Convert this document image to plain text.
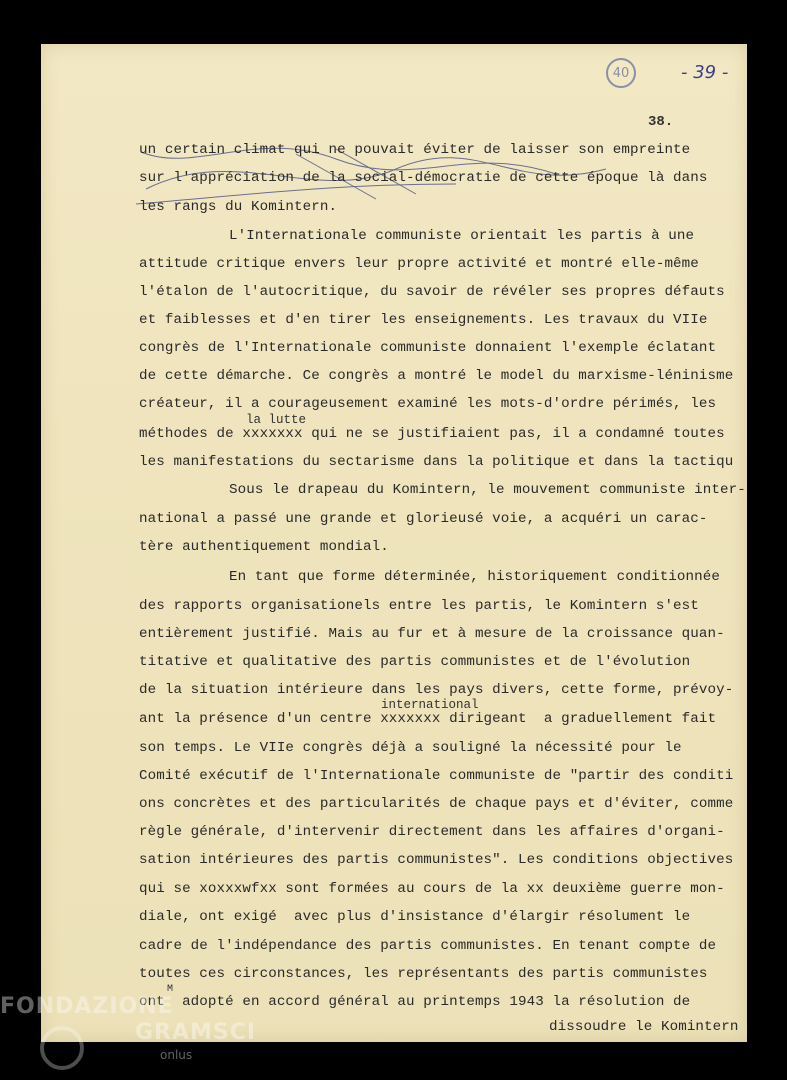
40	- 39 -
38.
un certain climat qui ne pouvait éviter de laisser son empreinte
sur l'appréciation de la social-démocratie de cette époque là dans
les rangs du Komintern.
L'Internationale communiste orientait les partis à une
attitude critique envers leur propre activité et montré elle-même
l'étalon de l'autocritique, du savoir de révéler ses propres défauts
et faiblesses et d'en tirer les enseignements. Les travaux du VIIe
congrès de l'Internationale communiste donnaient l'exemple éclatant
de cette démarche. Ce congrès a montré le model du marxisme-léninisme
créateur, il a courageusement examiné les mots-d'ordre périmés, les
la lutte
méthodes de xxxxxxx qui ne se justifiaient pas, il a condamné toutes
les manifestations du sectarisme dans la politique et dans la tactiqu
Sous le drapeau du Komintern, le mouvement communiste inter-
national a passé une grande et glorieusé voie, a acquéri un carac-
tère authentiquement mondial.
En tant que forme déterminée, historiquement conditionnée
des rapports organisationels entre les partis, le Komintern s'est
entièrement justifié. Mais au fur et à mesure de la croissance quan-
titative et qualitative des partis communistes et de l'évolution
de la situation intérieure dans les pays divers, cette forme, prévoy-
international
ant la présence d'un centre xxxxxxx dirigeant  a graduellement fait
son temps. Le VIIe congrès déjà a souligné la nécessité pour le
Comité exécutif de l'Internationale communiste de "partir des conditi
ons concrètes et des particularités de chaque pays et d'éviter, comme
règle générale, d'intervenir directement dans les affaires d'organi-
sation intérieures des partis communistes". Les conditions objectives
qui se xoxxxwfxx sont formées au cours de la xx deuxième guerre mon-
diale, ont exigé  avec plus d'insistance d'élargir résolument le
cadre de l'indépendance des partis communistes. En tenant compte de
toutes ces circonstances, les représentants des partis communistes
M
ont  adopté en accord général au printemps 1943 la résolution de
dissoudre le Komintern
FONDAZIONE
GRAMSCI
onlus
